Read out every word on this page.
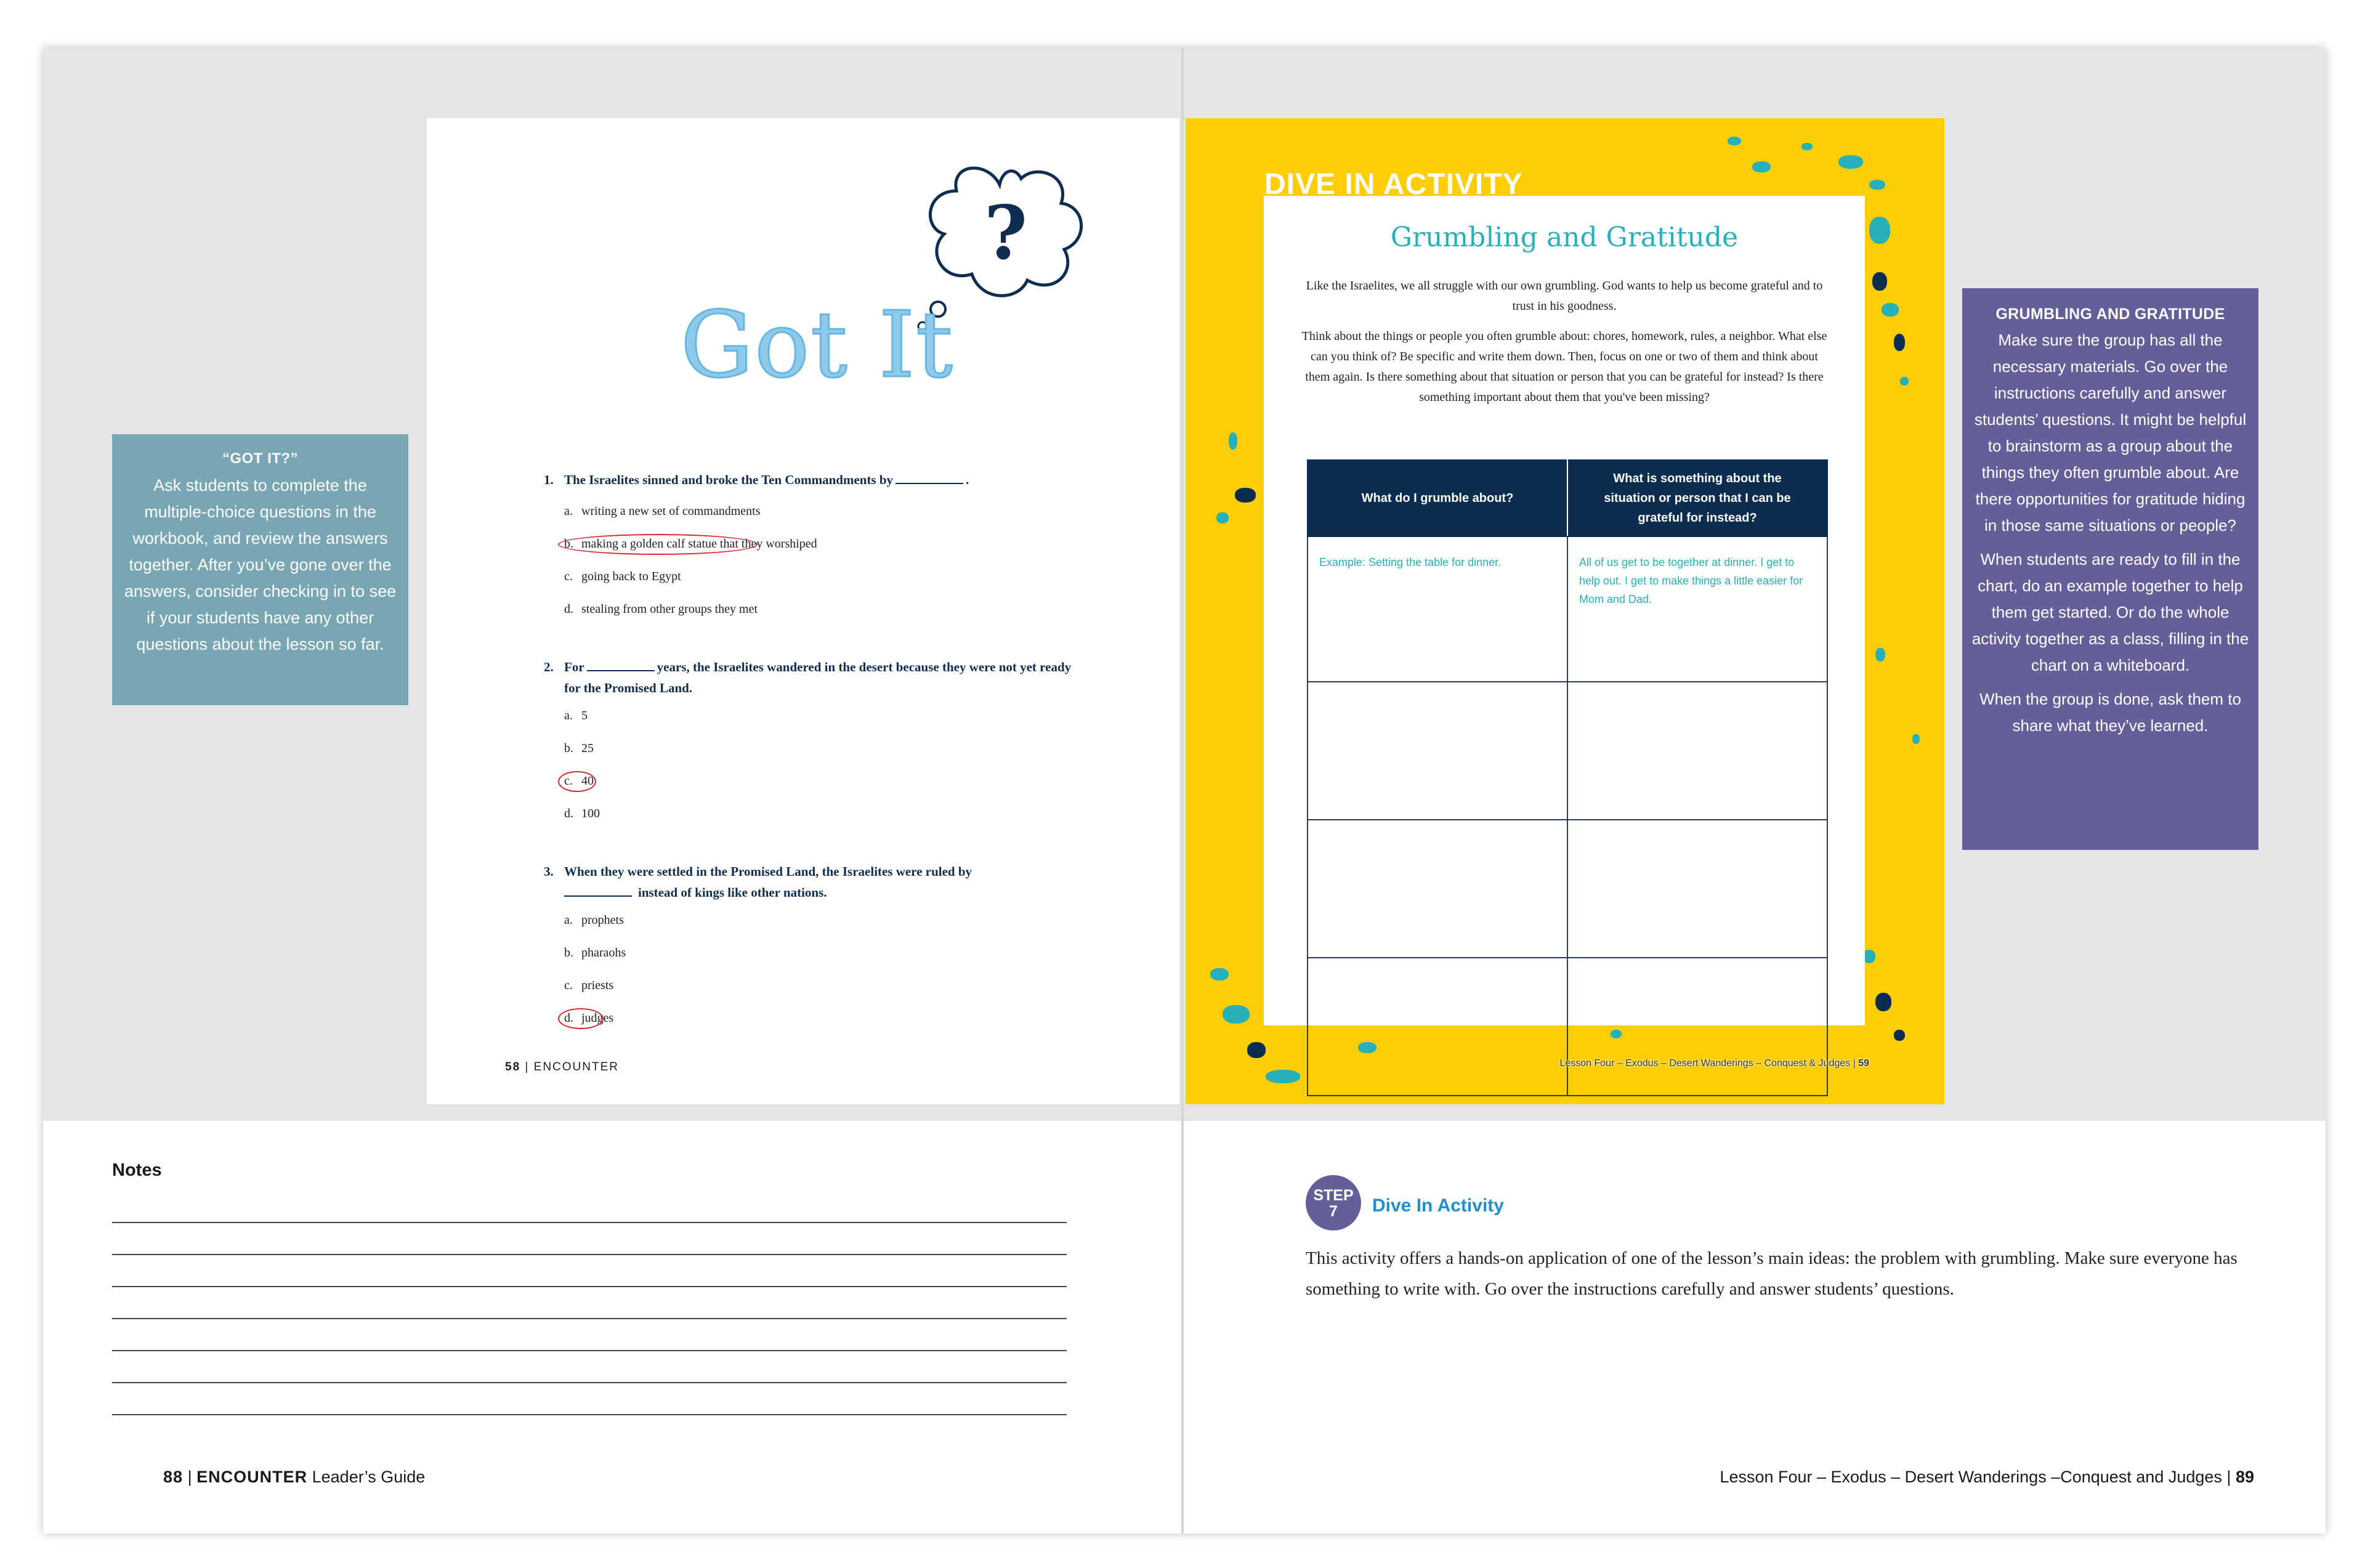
?
Got It
1. The Israelites sinned and broke the Ten Commandments by	.
a. writing a new set of commandments
b. making a golden calf statue that they worshiped
c. going back to Egypt
d. stealing from other groups they met
2. For	years, the Israelites wandered in the desert because they were not yet ready for the Promised Land.
a. 5
b. 25
c. 40
d. 100
3. When they were settled in the Promised Land, the Israelites were ruled by
instead of kings like other nations.
a. prophets
b. pharaohs
c. priests
d. judges
58 | ENCOUNTER
DIVE IN ACTIVITY
Grumbling and Gratitude

Like the Israelites, we all struggle with our own grumbling. God wants to help us become grateful and to trust in his goodness.

Think about the things or people you often grumble about: chores, homework, rules, a neighbor. What else can you think of? Be specific and write them down. Then, focus on one or two of them and think about them again. Is there something about that situation or person that you can be grateful for instead? Is there something important about them that you've been missing?

What do I grumble about?	What is something about the situation or person that I can be grateful for instead?
Example: Setting the table for dinner.	All of us get to be together at dinner. I get to help out. I get to make things a little easier for Mom and Dad.

Lesson Four – Exodus – Desert Wanderings – Conquest & Judges | 59
“GOT IT?”
Ask students to complete the multiple-choice questions in the workbook, and review the answers together. After you’ve gone over the answers, consider checking in to see if your students have any other questions about the lesson so far.
GRUMBLING AND GRATITUDE

Make sure the group has all the necessary materials. Go over the instructions carefully and answer students’ questions. It might be helpful to brainstorm as a group about the things they often grumble about. Are there opportunities for gratitude hiding in those same situations or people?

When students are ready to fill in the chart, do an example together to help them get started. Or do the whole activity together as a class, filling in the chart on a whiteboard.

When the group is done, ask them to share what they’ve learned.

Notes
STEP
7	Dive In Activity
This activity offers a hands-on application of one of the lesson’s main ideas: the problem with grumbling. Make sure everyone has something to write with. Go over the instructions carefully and answer students’ questions.
88 | ENCOUNTER Leader’s Guide	Lesson Four – Exodus – Desert Wanderings –Conquest and Judges | 89
